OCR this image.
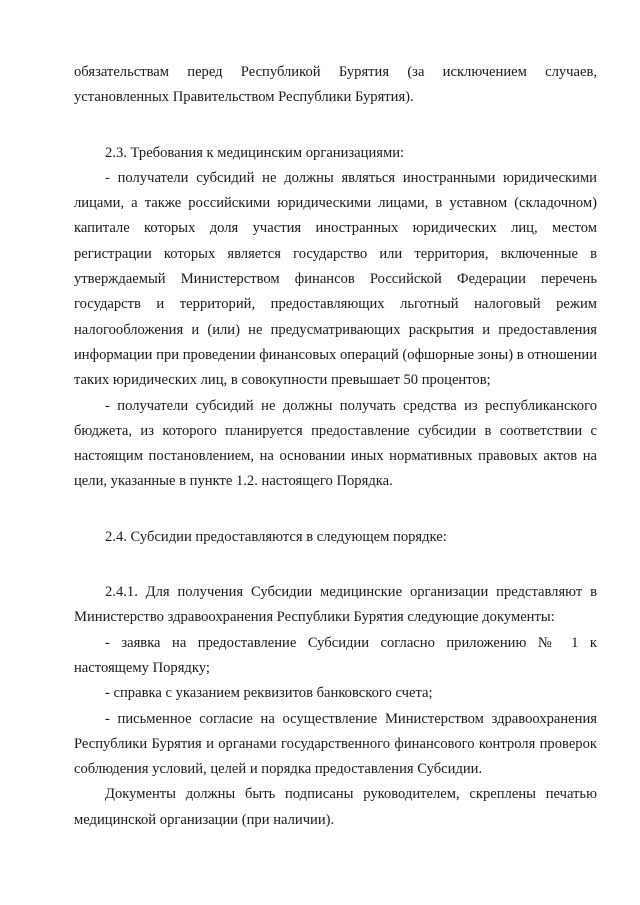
обязательствам перед Республикой Бурятия (за исключением случаев, установленных Правительством Республики Бурятия).

2.3. Требования к медицинским организациями:

- получатели субсидий не должны являться иностранными юридическими лицами, а также российскими юридическими лицами, в уставном (складочном) капитале которых доля участия иностранных юридических лиц, местом регистрации которых является государство или территория, включенные в утверждаемый Министерством финансов Российской Федерации перечень государств и территорий, предоставляющих льготный налоговый режим налогообложения и (или) не предусматривающих раскрытия и предоставления информации при проведении финансовых операций (офшорные зоны) в отношении таких юридических лиц, в совокупности превышает 50 процентов;

- получатели субсидий не должны получать средства из республиканского бюджета, из которого планируется предоставление субсидии в соответствии с настоящим постановлением, на основании иных нормативных правовых актов на цели, указанные в пункте 1.2. настоящего Порядка.

2.4. Субсидии предоставляются в следующем порядке:

2.4.1. Для получения Субсидии медицинские организации представляют в Министерство здравоохранения Республики Бурятия следующие документы:

- заявка на предоставление Субсидии согласно приложению № 1 к настоящему Порядку;

- справка с указанием реквизитов банковского счета;

- письменное согласие на осуществление Министерством здравоохранения Республики Бурятия и органами государственного финансового контроля проверок соблюдения условий, целей и порядка предоставления Субсидии.

Документы должны быть подписаны руководителем, скреплены печатью медицинской организации (при наличии).
